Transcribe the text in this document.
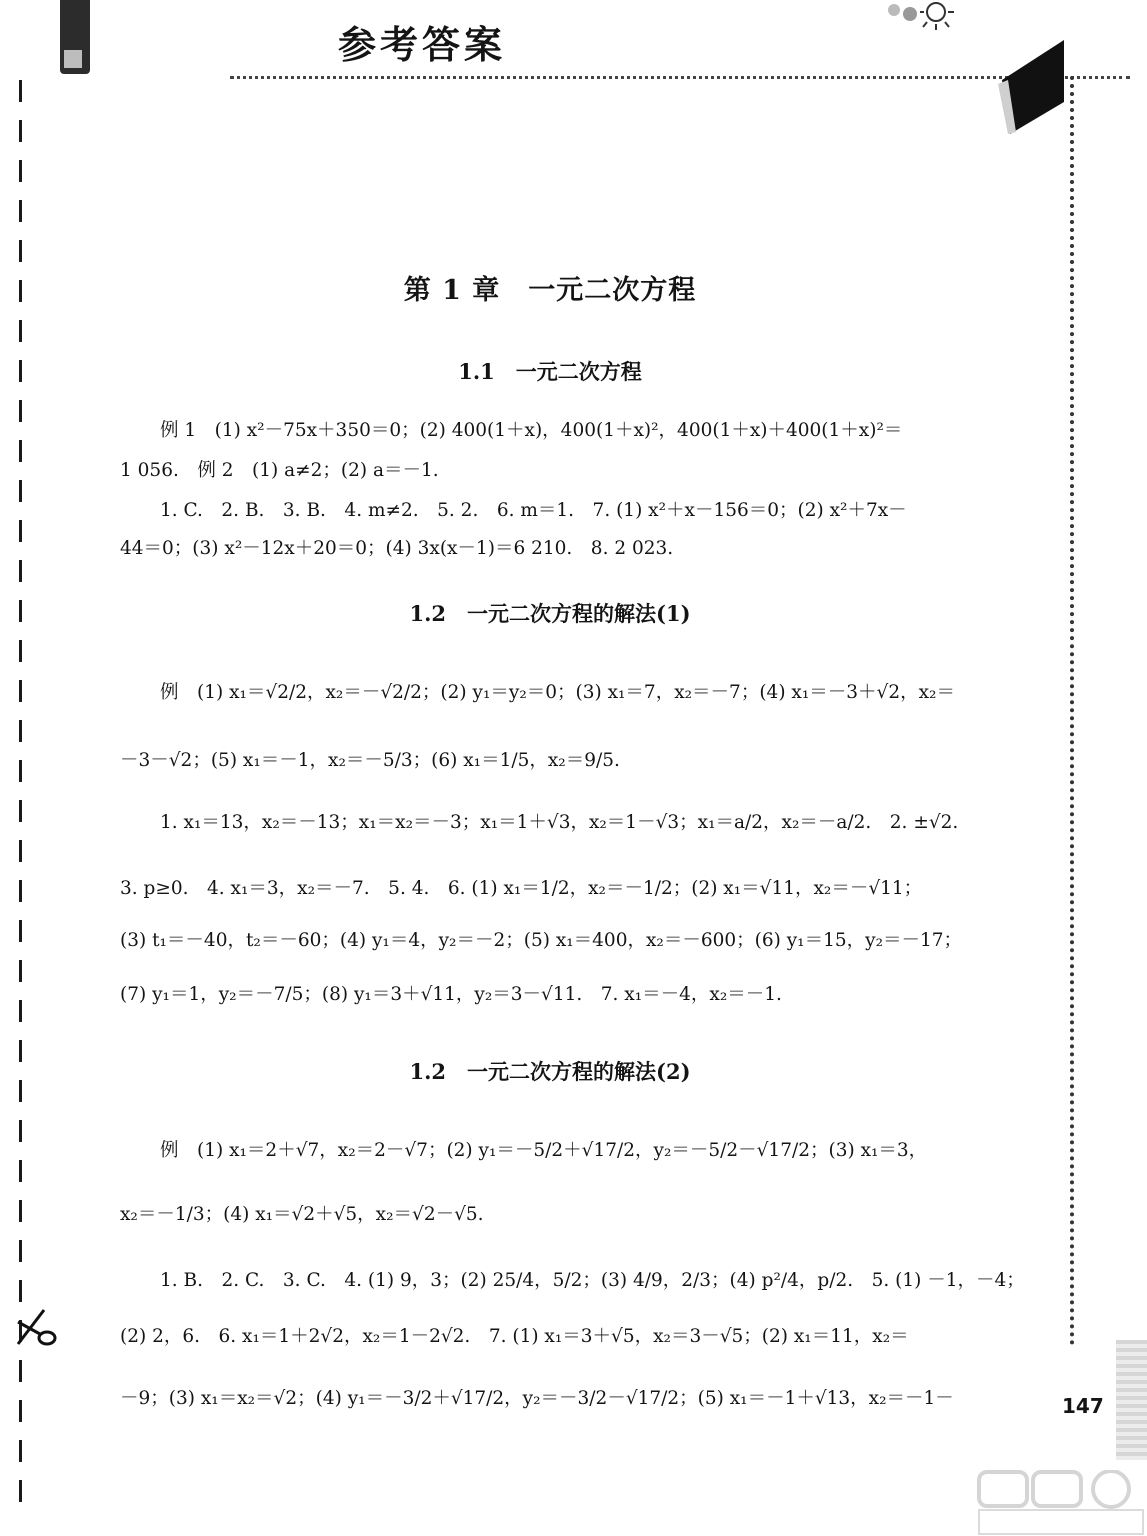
参考答案
第 1 章　一元二次方程
1.1　一元二次方程
例 1　(1) x²－75x＋350＝0；(2) 400(1＋x)，400(1＋x)²，400(1＋x)＋400(1＋x)²＝
1 056.　例 2　(1) a≠2；(2) a＝－1.
1. C.　2. B.　3. B.　4. m≠2.　5. 2.　6. m＝1.　7. (1) x²＋x－156＝0；(2) x²＋7x－
44＝0；(3) x²－12x＋20＝0；(4) 3x(x－1)＝6 210.　8. 2 023.
1.2　一元二次方程的解法(1)
例　(1) x₁＝√2/2，x₂＝－√2/2；(2) y₁＝y₂＝0；(3) x₁＝7，x₂＝－7；(4) x₁＝－3＋√2，x₂＝
－3－√2；(5) x₁＝－1，x₂＝－5/3；(6) x₁＝1/5，x₂＝9/5.
1. x₁＝13，x₂＝－13；x₁＝x₂＝－3；x₁＝1＋√3，x₂＝1－√3；x₁＝a/2，x₂＝－a/2.　2. ±√2.
3. p≥0.　4. x₁＝3，x₂＝－7.　5. 4.　6. (1) x₁＝1/2，x₂＝－1/2；(2) x₁＝√11，x₂＝－√11；
(3) t₁＝－40，t₂＝－60；(4) y₁＝4，y₂＝－2；(5) x₁＝400，x₂＝－600；(6) y₁＝15，y₂＝－17；
(7) y₁＝1，y₂＝－7/5；(8) y₁＝3＋√11，y₂＝3－√11.　7. x₁＝－4，x₂＝－1.
1.2　一元二次方程的解法(2)
例　(1) x₁＝2＋√7，x₂＝2－√7；(2) y₁＝－5/2＋√17/2，y₂＝－5/2－√17/2；(3) x₁＝3，
x₂＝－1/3；(4) x₁＝√2＋√5，x₂＝√2－√5.
1. B.　2. C.　3. C.　4. (1) 9，3；(2) 25/4，5/2；(3) 4/9，2/3；(4) p²/4，p/2.　5. (1) －1，－4；
(2) 2，6.　6. x₁＝1＋2√2，x₂＝1－2√2.　7. (1) x₁＝3＋√5，x₂＝3－√5；(2) x₁＝11，x₂＝
－9；(3) x₁＝x₂＝√2；(4) y₁＝－3/2＋√17/2，y₂＝－3/2－√17/2；(5) x₁＝－1＋√13，x₂＝－1－	147
